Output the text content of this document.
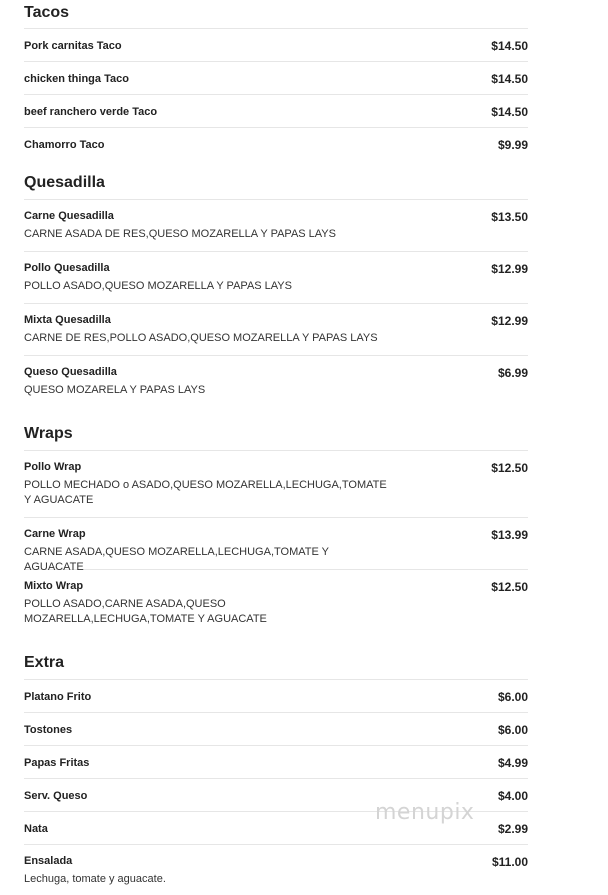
Tacos
Pork carnitas Taco	$14.50
chicken thinga Taco	$14.50
beef ranchero verde Taco	$14.50
Chamorro Taco	$9.99
Quesadilla
Carne Quesadilla	$13.50
CARNE ASADA DE RES,QUESO MOZARELLA Y PAPAS LAYS
Pollo Quesadilla	$12.99
POLLO ASADO,QUESO MOZARELLA Y PAPAS LAYS
Mixta Quesadilla	$12.99
CARNE DE RES,POLLO ASADO,QUESO MOZARELLA Y PAPAS LAYS
Queso Quesadilla	$6.99
QUESO MOZARELA Y PAPAS LAYS
Wraps
Pollo Wrap	$12.50
POLLO MECHADO o ASADO,QUESO MOZARELLA,LECHUGA,TOMATE Y AGUACATE
Carne Wrap	$13.99
CARNE ASADA,QUESO MOZARELLA,LECHUGA,TOMATE Y AGUACATE
Mixto Wrap	$12.50
POLLO ASADO,CARNE ASADA,QUESO MOZARELLA,LECHUGA,TOMATE Y AGUACATE
Extra
Platano Frito	$6.00
Tostones	$6.00
Papas Fritas	$4.99
Serv. Queso	$4.00
Nata	$2.99
Ensalada	$11.00
Lechuga, tomate y aguacate.
menupix
